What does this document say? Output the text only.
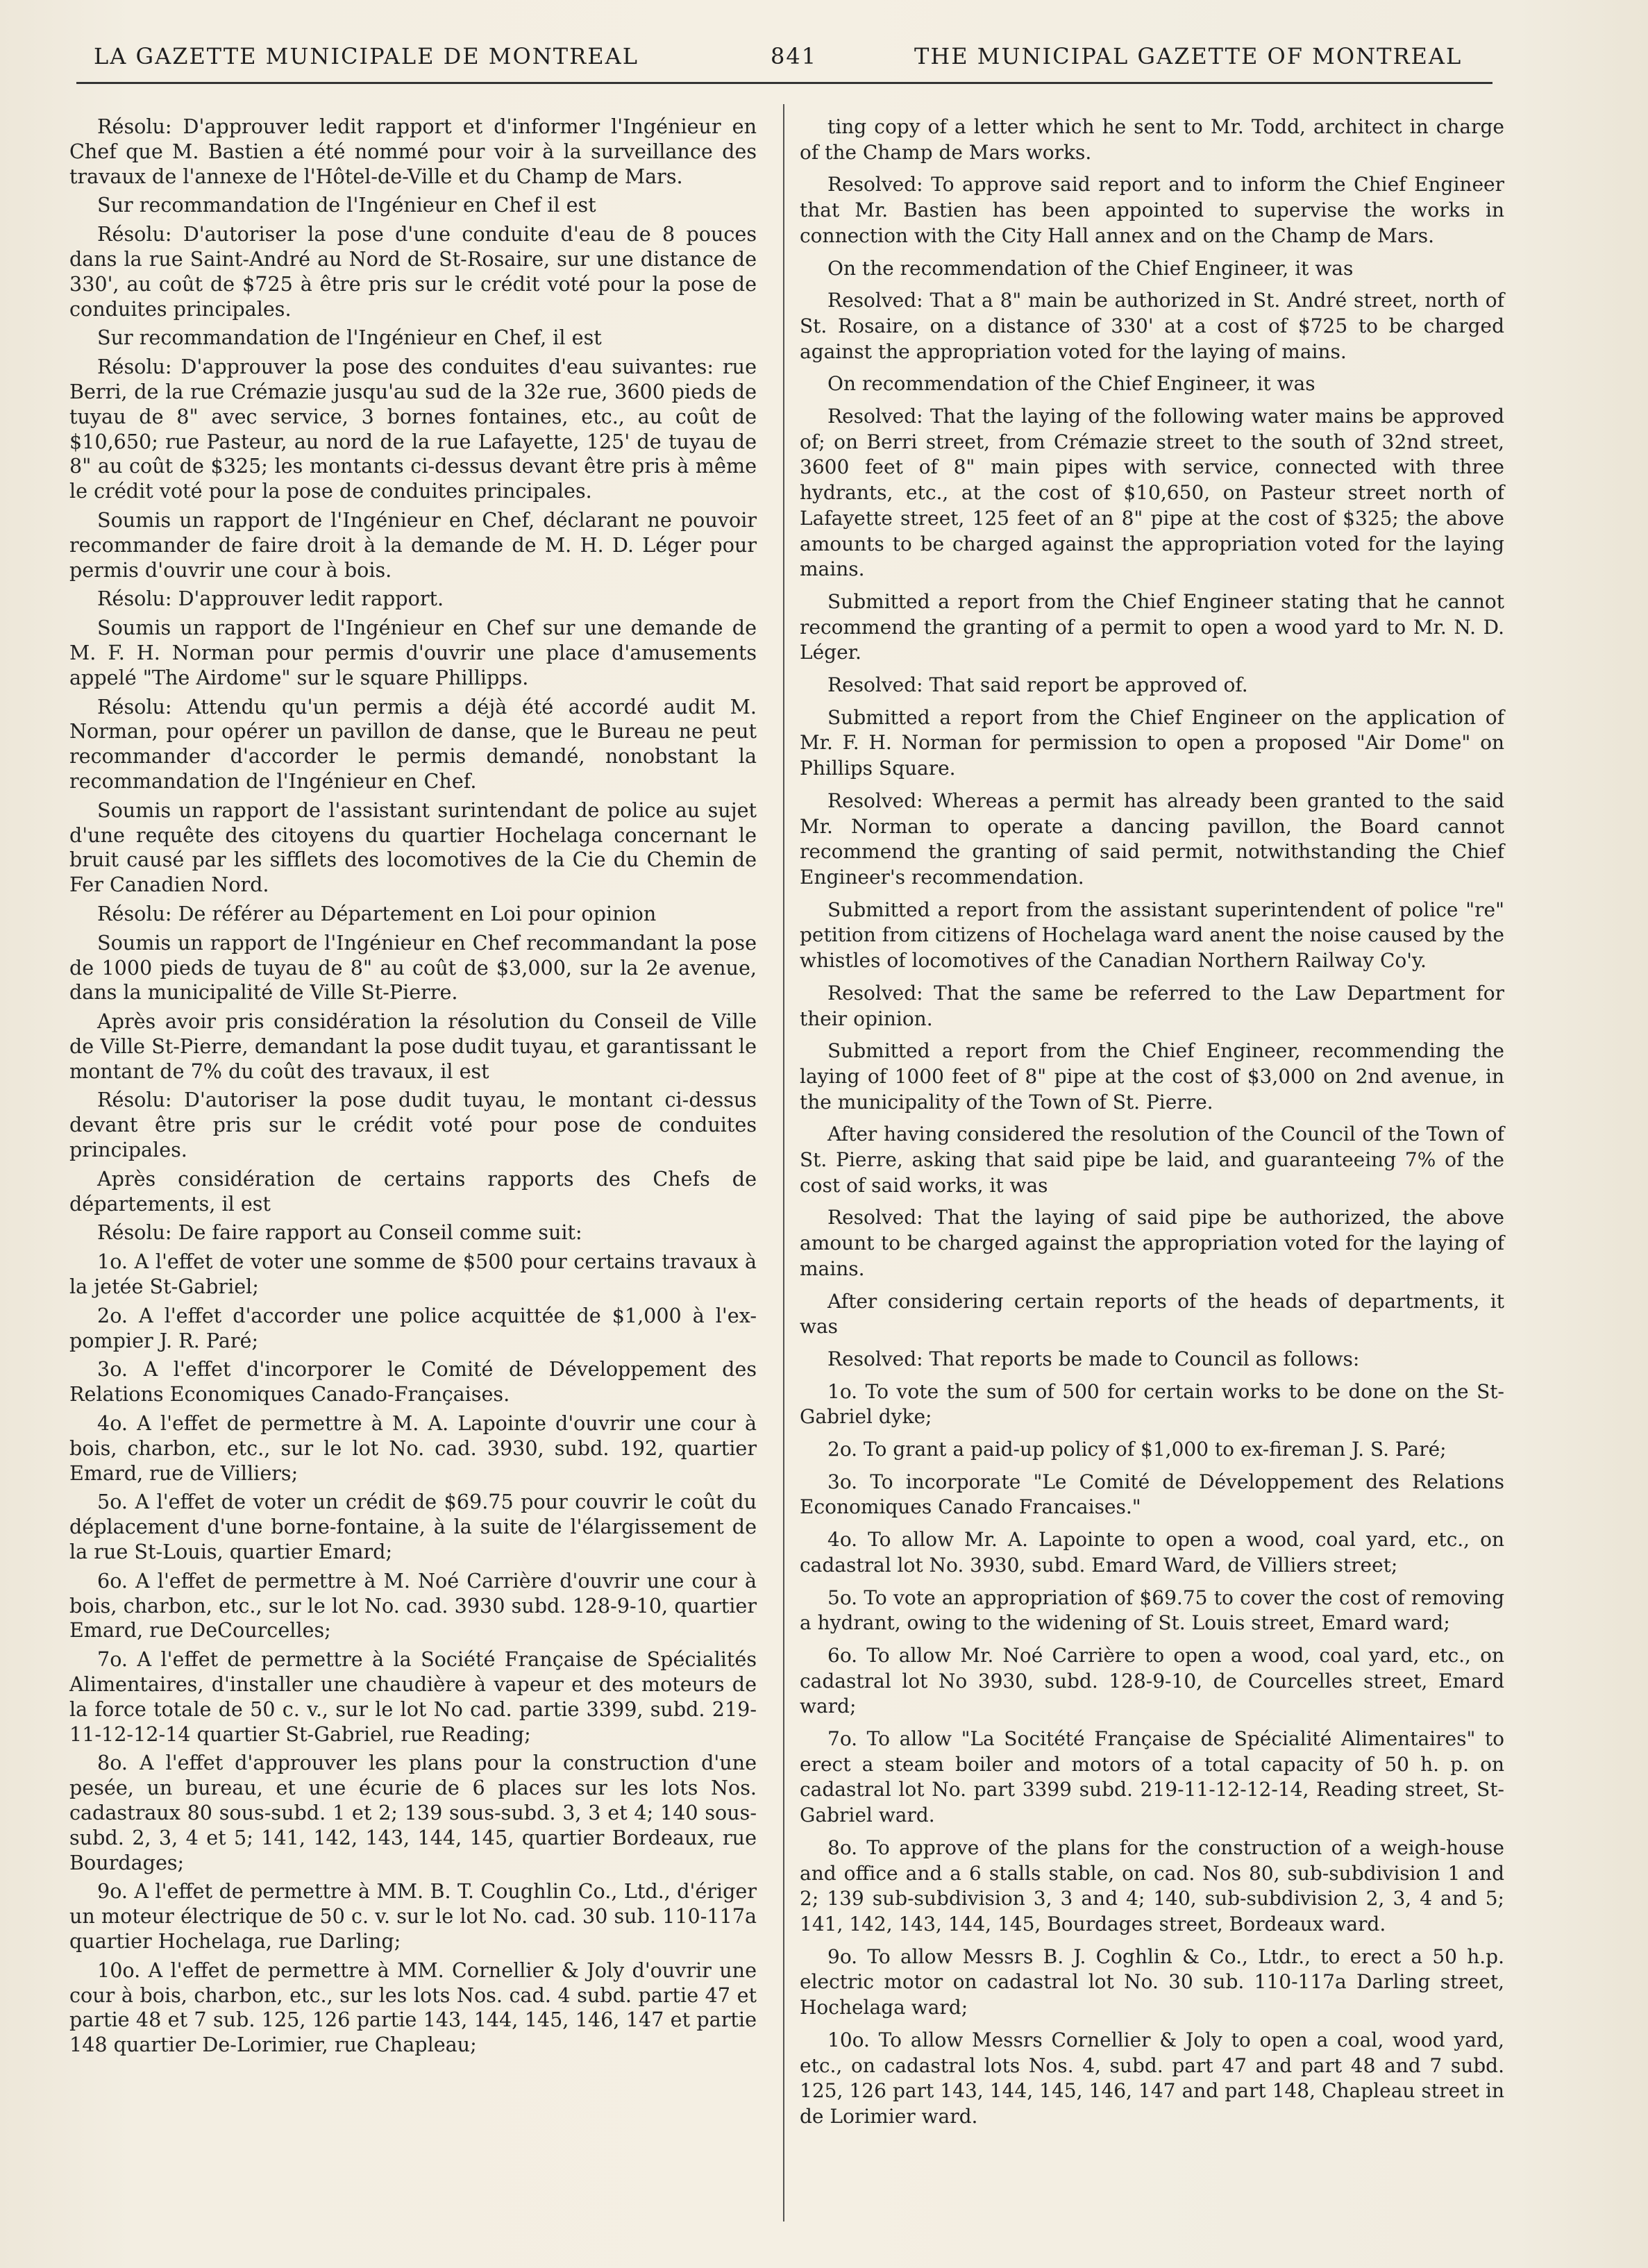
LA GAZETTE MUNICIPALE DE MONTREAL	841	THE MUNICIPAL GAZETTE OF MONTREAL

Résolu: D'approuver ledit rapport et d'informer l'Ingénieur en Chef que M. Bastien a été nommé pour voir à la surveillance des travaux de l'annexe de l'Hôtel-de-Ville et du Champ de Mars.

Sur recommandation de l'Ingénieur en Chef il est

Résolu: D'autoriser la pose d'une conduite d'eau de 8 pouces dans la rue Saint-André au Nord de St-Rosaire, sur une distance de 330', au coût de $725 à être pris sur le crédit voté pour la pose de conduites principales.

Sur recommandation de l'Ingénieur en Chef, il est

Résolu: D'approuver la pose des conduites d'eau suivantes: rue Berri, de la rue Crémazie jusqu'au sud de la 32e rue, 3600 pieds de tuyau de 8" avec service, 3 bornes fontaines, etc., au coût de $10,650; rue Pasteur, au nord de la rue Lafayette, 125' de tuyau de 8" au coût de $325; les montants ci-dessus devant être pris à même le crédit voté pour la pose de conduites principales.

Soumis un rapport de l'Ingénieur en Chef, déclarant ne pouvoir recommander de faire droit à la demande de M. H. D. Léger pour permis d'ouvrir une cour à bois.

Résolu: D'approuver ledit rapport.

Soumis un rapport de l'Ingénieur en Chef sur une demande de M. F. H. Norman pour permis d'ouvrir une place d'amusements appelé "The Airdome" sur le square Phillipps.

Résolu: Attendu qu'un permis a déjà été accordé audit M. Norman, pour opérer un pavillon de danse, que le Bureau ne peut recommander d'accorder le permis demandé, nonobstant la recommandation de l'Ingénieur en Chef.

Soumis un rapport de l'assistant surintendant de police au sujet d'une requête des citoyens du quartier Hochelaga concernant le bruit causé par les sifflets des locomotives de la Cie du Chemin de Fer Canadien Nord.

Résolu: De référer au Département en Loi pour opinion

Soumis un rapport de l'Ingénieur en Chef recommandant la pose de 1000 pieds de tuyau de 8" au coût de $3,000, sur la 2e avenue, dans la municipalité de Ville St-Pierre.

Après avoir pris considération la résolution du Conseil de Ville de Ville St-Pierre, demandant la pose dudit tuyau, et garantissant le montant de 7% du coût des travaux, il est

Résolu: D'autoriser la pose dudit tuyau, le montant ci-dessus devant être pris sur le crédit voté pour pose de conduites principales.

Après considération de certains rapports des Chefs de départements, il est

Résolu: De faire rapport au Conseil comme suit:

1o. A l'effet de voter une somme de $500 pour certains travaux à la jetée St-Gabriel;

2o. A l'effet d'accorder une police acquittée de $1,000 à l'ex-pompier J. R. Paré;

3o. A l'effet d'incorporer le Comité de Développement des Relations Economiques Canado-Françaises.

4o. A l'effet de permettre à M. A. Lapointe d'ouvrir une cour à bois, charbon, etc., sur le lot No. cad. 3930, subd. 192, quartier Emard, rue de Villiers;

5o. A l'effet de voter un crédit de $69.75 pour couvrir le coût du déplacement d'une borne-fontaine, à la suite de l'élargissement de la rue St-Louis, quartier Emard;

6o. A l'effet de permettre à M. Noé Carrière d'ouvrir une cour à bois, charbon, etc., sur le lot No. cad. 3930 subd. 128-9-10, quartier Emard, rue DeCourcelles;

7o. A l'effet de permettre à la Société Française de Spécialités Alimentaires, d'installer une chaudière à vapeur et des moteurs de la force totale de 50 c. v., sur le lot No cad. partie 3399, subd. 219-11-12-12-14 quartier St-Gabriel, rue Reading;

8o. A l'effet d'approuver les plans pour la construction d'une pesée, un bureau, et une écurie de 6 places sur les lots Nos. cadastraux 80 sous-subd. 1 et 2; 139 sous-subd. 3, 3 et 4; 140 sous-subd. 2, 3, 4 et 5; 141, 142, 143, 144, 145, quartier Bordeaux, rue Bourdages;

9o. A l'effet de permettre à MM. B. T. Coughlin Co., Ltd., d'ériger un moteur électrique de 50 c. v. sur le lot No. cad. 30 sub. 110-117a quartier Hochelaga, rue Darling;

10o. A l'effet de permettre à MM. Cornellier & Joly d'ouvrir une cour à bois, charbon, etc., sur les lots Nos. cad. 4 subd. partie 47 et partie 48 et 7 sub. 125, 126 partie 143, 144, 145, 146, 147 et partie 148 quartier De-Lorimier, rue Chapleau;

ting copy of a letter which he sent to Mr. Todd, architect in charge of the Champ de Mars works.

Resolved: To approve said report and to inform the Chief Engineer that Mr. Bastien has been appointed to supervise the works in connection with the City Hall annex and on the Champ de Mars.

On the recommendation of the Chief Engineer, it was

Resolved: That a 8" main be authorized in St. André street, north of St. Rosaire, on a distance of 330' at a cost of $725 to be charged against the appropriation voted for the laying of mains.

On recommendation of the Chief Engineer, it was

Resolved: That the laying of the following water mains be approved of; on Berri street, from Crémazie street to the south of 32nd street, 3600 feet of 8" main pipes with service, connected with three hydrants, etc., at the cost of $10,650, on Pasteur street north of Lafayette street, 125 feet of an 8" pipe at the cost of $325; the above amounts to be charged against the appropriation voted for the laying mains.

Submitted a report from the Chief Engineer stating that he cannot recommend the granting of a permit to open a wood yard to Mr. N. D. Léger.

Resolved: That said report be approved of.

Submitted a report from the Chief Engineer on the application of Mr. F. H. Norman for permission to open a proposed "Air Dome" on Phillips Square.

Resolved: Whereas a permit has already been granted to the said Mr. Norman to operate a dancing pavillon, the Board cannot recommend the granting of said permit, notwithstanding the Chief Engineer's recommendation.

Submitted a report from the assistant superintendent of police "re" petition from citizens of Hochelaga ward anent the noise caused by the whistles of locomotives of the Canadian Northern Railway Co'y.

Resolved: That the same be referred to the Law Department for their opinion.

Submitted a report from the Chief Engineer, recommending the laying of 1000 feet of 8" pipe at the cost of $3,000 on 2nd avenue, in the municipality of the Town of St. Pierre.

After having considered the resolution of the Council of the Town of St. Pierre, asking that said pipe be laid, and guaranteeing 7% of the cost of said works, it was

Resolved: That the laying of said pipe be authorized, the above amount to be charged against the appropriation voted for the laying of mains.

After considering certain reports of the heads of departments, it was

Resolved: That reports be made to Council as follows:

1o. To vote the sum of 500 for certain works to be done on the St-Gabriel dyke;

2o. To grant a paid-up policy of $1,000 to ex-fireman J. S. Paré;

3o. To incorporate "Le Comité de Développement des Relations Economiques Canado Francaises."

4o. To allow Mr. A. Lapointe to open a wood, coal yard, etc., on cadastral lot No. 3930, subd. Emard Ward, de Villiers street;

5o. To vote an appropriation of $69.75 to cover the cost of removing a hydrant, owing to the widening of St. Louis street, Emard ward;

6o. To allow Mr. Noé Carrière to open a wood, coal yard, etc., on cadastral lot No 3930, subd. 128-9-10, de Courcelles street, Emard ward;

7o. To allow "La Socitété Française de Spécialité Alimentaires" to erect a steam boiler and motors of a total capacity of 50 h. p. on cadastral lot No. part 3399 subd. 219-11-12-12-14, Reading street, St-Gabriel ward.

8o. To approve of the plans for the construction of a weigh-house and office and a 6 stalls stable, on cad. Nos 80, sub-subdivision 1 and 2; 139 sub-subdivision 3, 3 and 4; 140, sub-subdivision 2, 3, 4 and 5; 141, 142, 143, 144, 145, Bourdages street, Bordeaux ward.

9o. To allow Messrs B. J. Coghlin & Co., Ltdr., to erect a 50 h.p. electric motor on cadastral lot No. 30 sub. 110-117a Darling street, Hochelaga ward;

10o. To allow Messrs Cornellier & Joly to open a coal, wood yard, etc., on cadastral lots Nos. 4, subd. part 47 and part 48 and 7 subd. 125, 126 part 143, 144, 145, 146, 147 and part 148, Chapleau street in de Lorimier ward.
